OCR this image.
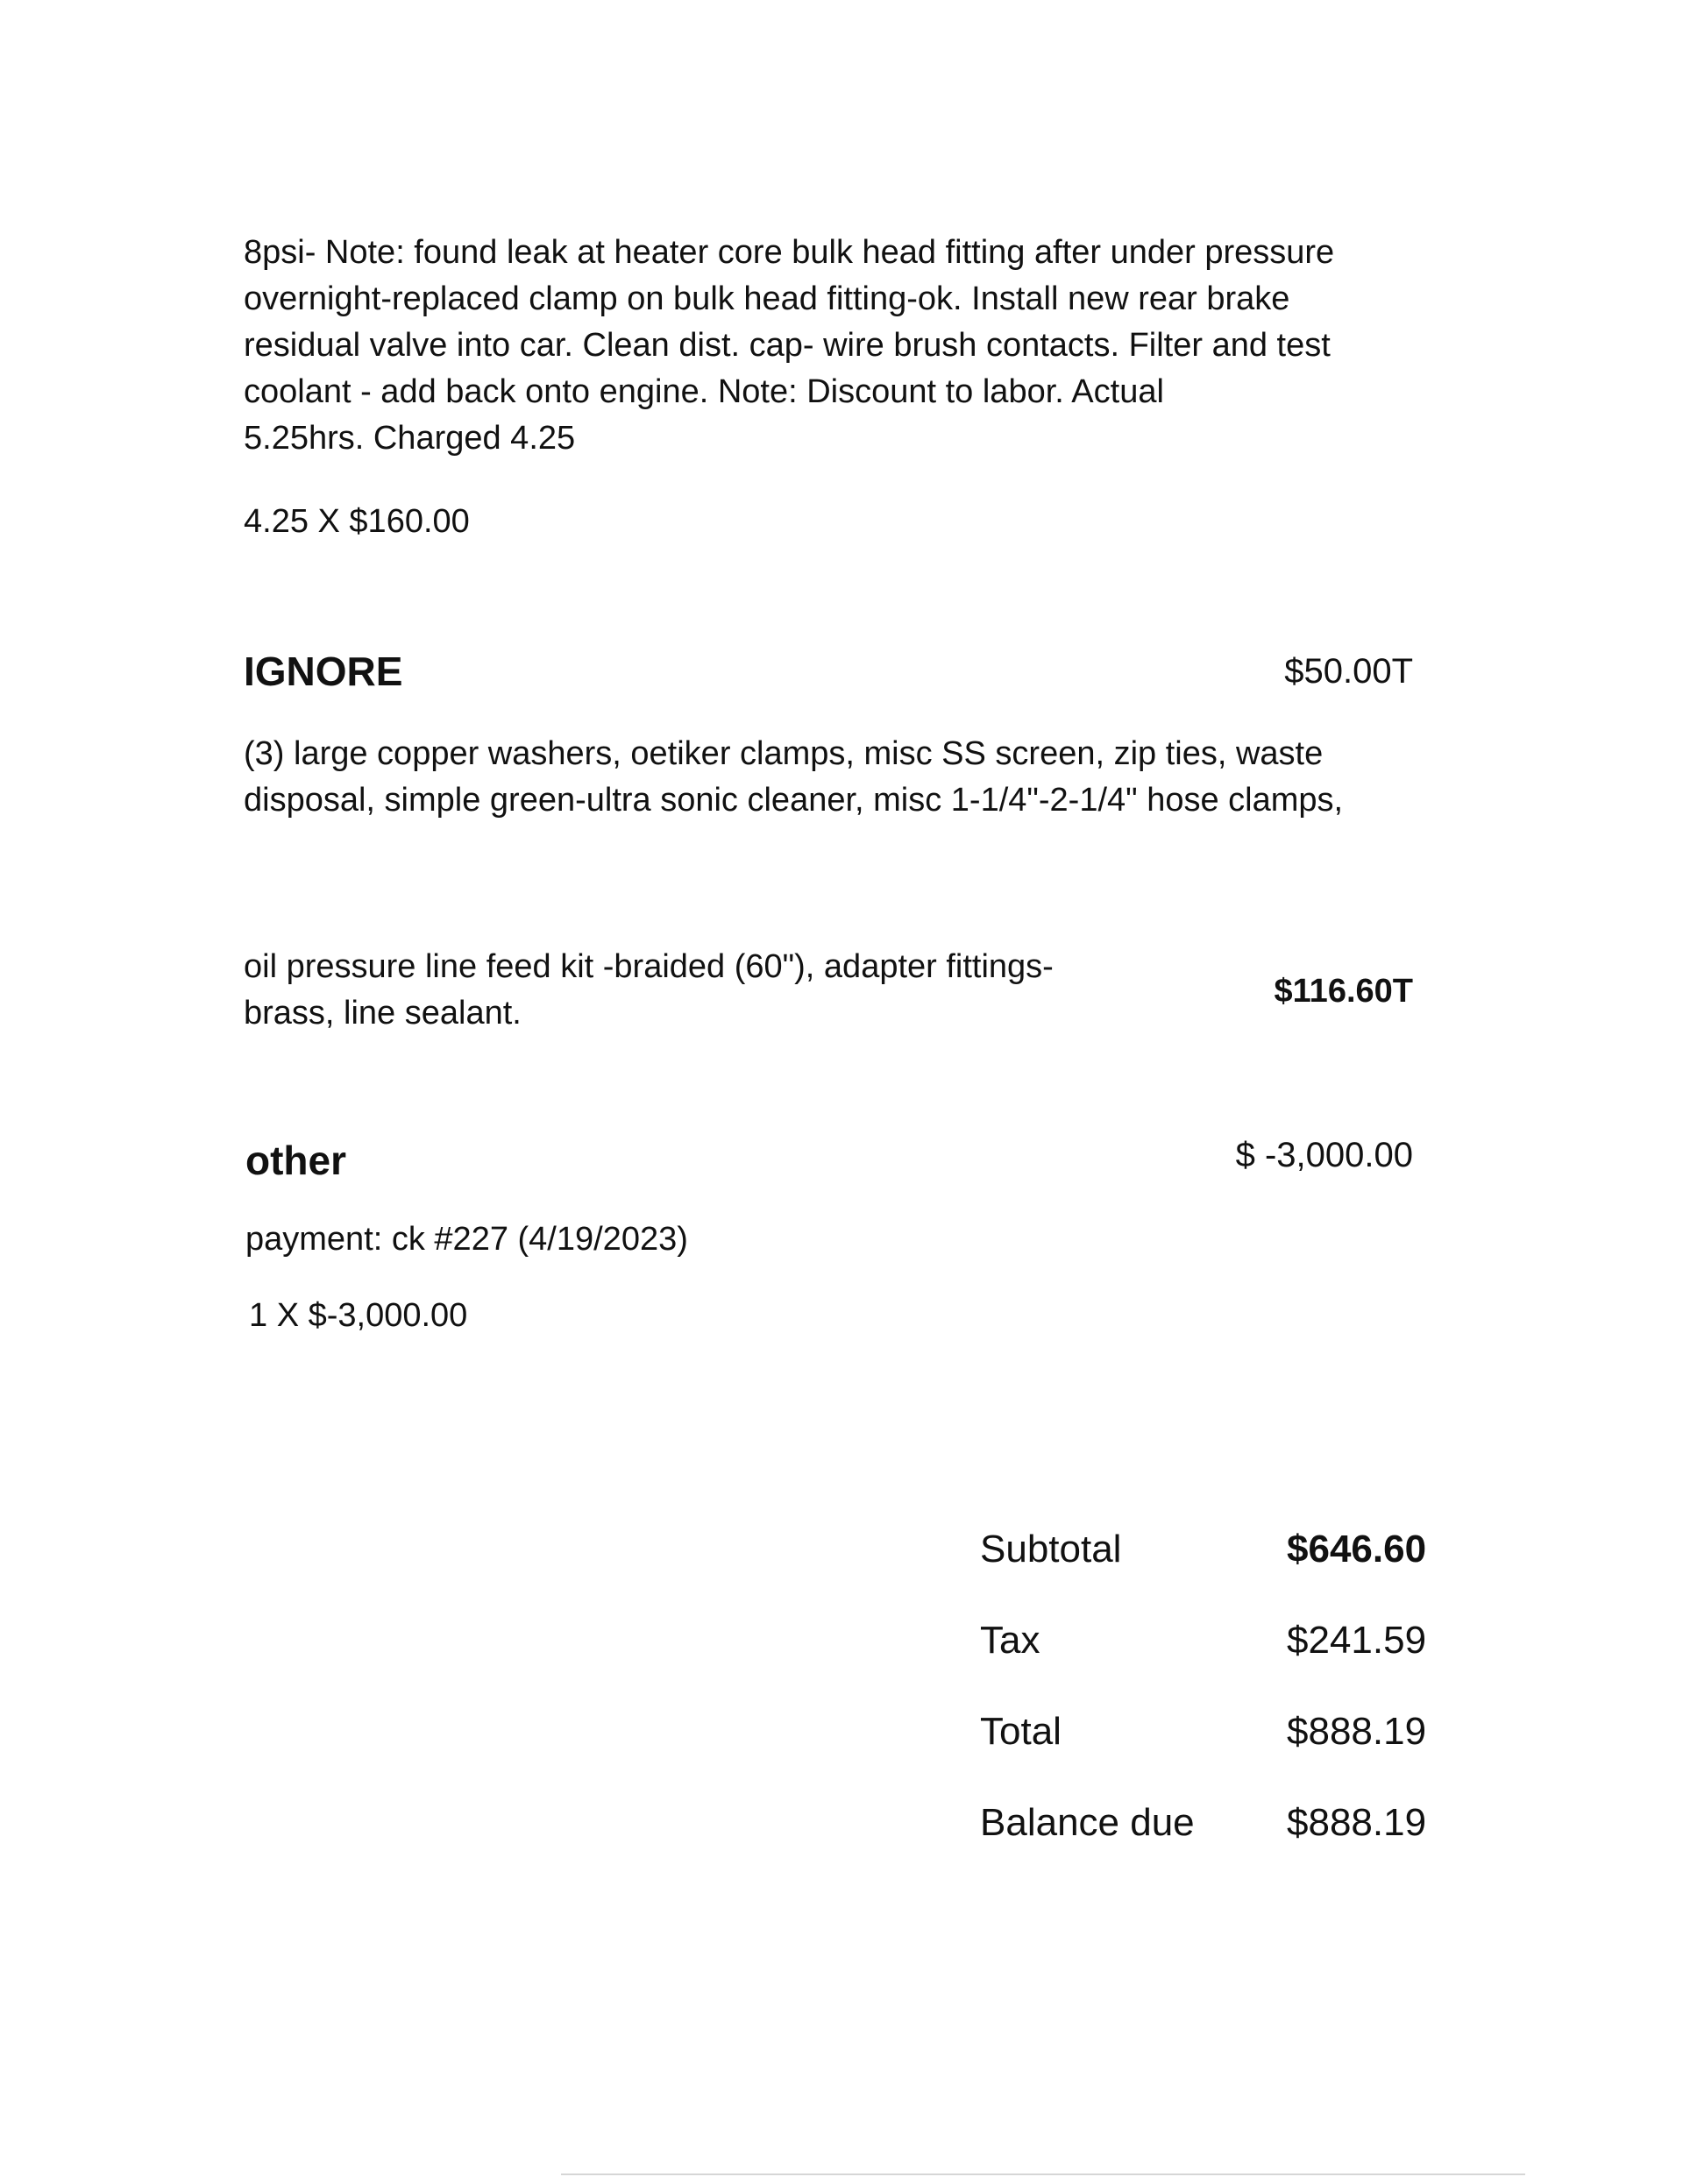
8psi- Note: found leak at heater core bulk head fitting after under pressure
overnight-replaced clamp on bulk head fitting-ok. Install new rear brake
residual valve into car. Clean dist. cap- wire brush contacts. Filter and test
coolant - add back onto engine. Note: Discount to labor. Actual
5.25hrs. Charged 4.25
4.25 X $160.00
IGNORE	$50.00T
(3) large copper washers, oetiker clamps, misc SS screen, zip ties, waste
disposal, simple green-ultra sonic cleaner, misc 1-1/4"-2-1/4" hose clamps,
oil pressure line feed kit -braided (60"), adapter fittings-
brass, line sealant.
$116.60T
other	$ -3,000.00
payment: ck #227 (4/19/2023)
1 X $-3,000.00
Subtotal	$646.60
Tax	$241.59
Total	$888.19
Balance due	$888.19
